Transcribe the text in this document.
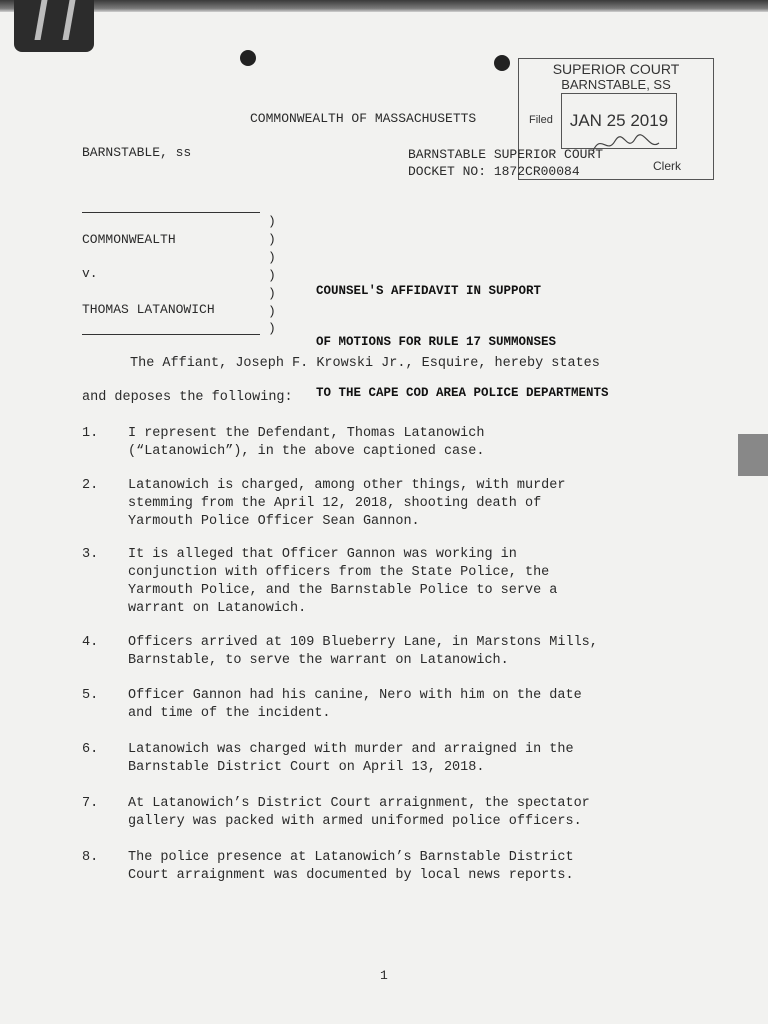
SUPERIOR COURT
BARNSTABLE, SS
Filed	JAN 25 2019
Clerk
COMMONWEALTH OF MASSACHUSETTS
BARNSTABLE, ss	BARNSTABLE SUPERIOR COURT
DOCKET NO: 1872CR00084
COMMONWEALTH
v.
THOMAS LATANOWICH
)
)
)
)
)
)
)

COUNSEL'S AFFIDAVIT IN SUPPORT

OF MOTIONS FOR RULE 17 SUMMONSES

TO THE CAPE COD AREA POLICE DEPARTMENTS

The Affiant, Joseph F. Krowski Jr., Esquire, hereby states
and deposes the following:
1. I represent the Defendant, Thomas Latanowich
(“Latanowich”), in the above captioned case.
2. Latanowich is charged, among other things, with murder
stemming from the April 12, 2018, shooting death of
Yarmouth Police Officer Sean Gannon.
3. It is alleged that Officer Gannon was working in
conjunction with officers from the State Police, the
Yarmouth Police, and the Barnstable Police to serve a
warrant on Latanowich.
4. Officers arrived at 109 Blueberry Lane, in Marstons Mills,
Barnstable, to serve the warrant on Latanowich.
5. Officer Gannon had his canine, Nero with him on the date
and time of the incident.
6. Latanowich was charged with murder and arraigned in the
Barnstable District Court on April 13, 2018.
7. At Latanowich’s District Court arraignment, the spectator
gallery was packed with armed uniformed police officers.
8. The police presence at Latanowich’s Barnstable District
Court arraignment was documented by local news reports.
1
